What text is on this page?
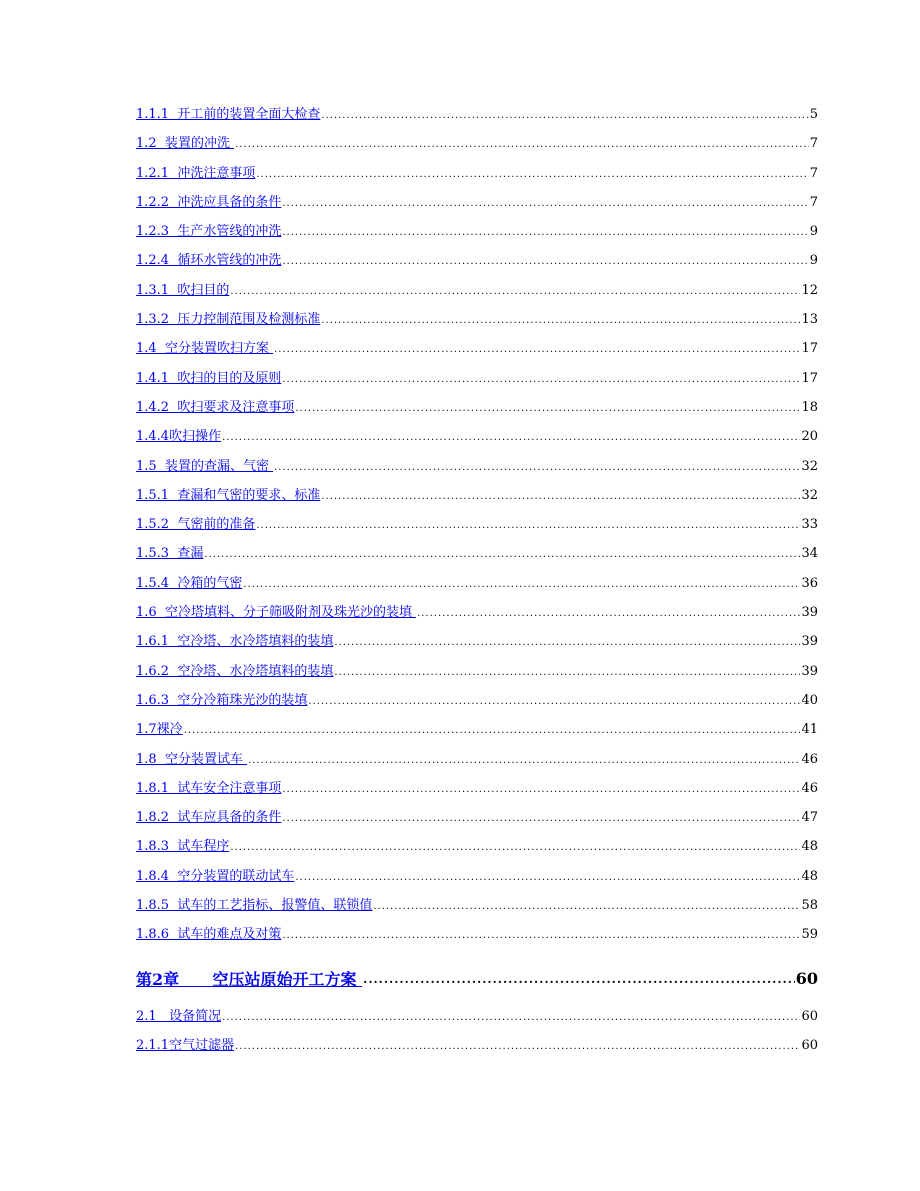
1.1.1  开工前的装置全面大检查 .....	5
1.2  装置的冲洗 .....	7
1.2.1  冲洗注意事项 .....	7
1.2.2  冲洗应具备的条件 .....	7
1.2.3  生产水管线的冲洗 .....	9
1.2.4  循环水管线的冲洗 .....	9
1.3.1  吹扫目的 .....	12
1.3.2  压力控制范围及检测标准 .....	13
1.4  空分装置吹扫方案 .....	17
1.4.1  吹扫的目的及原则 .....	17
1.4.2  吹扫要求及注意事项 .....	18
1.4.4吹扫操作 .....	20
1.5  装置的查漏、气密 .....	32
1.5.1  查漏和气密的要求、标准 .....	32
1.5.2  气密前的准备 .....	33
1.5.3  查漏 .....	34
1.5.4  冷箱的气密 .....	36
1.6  空冷塔填料、分子筛吸附剂及珠光沙的装填 .....	39
1.6.1  空冷塔、水冷塔填料的装填 .....	39
1.6.2  空冷塔、水冷塔填料的装填 .....	39
1.6.3  空分冷箱珠光沙的装填 .....	40
1.7裸冷 .....	41
1.8  空分装置试车 .....	46
1.8.1  试车安全注意事项 .....	46
1.8.2  试车应具备的条件 .....	47
1.8.3  试车程序 .....	48
1.8.4  空分装置的联动试车 .....	48
1.8.5  试车的工艺指标、报警值、联锁值 .....	58
1.8.6  试车的难点及对策 .....	59
第2章      空压站原始开工方案 .....	60
2.1   设备简况 .....	60
2.1.1空气过滤器 .....	60
